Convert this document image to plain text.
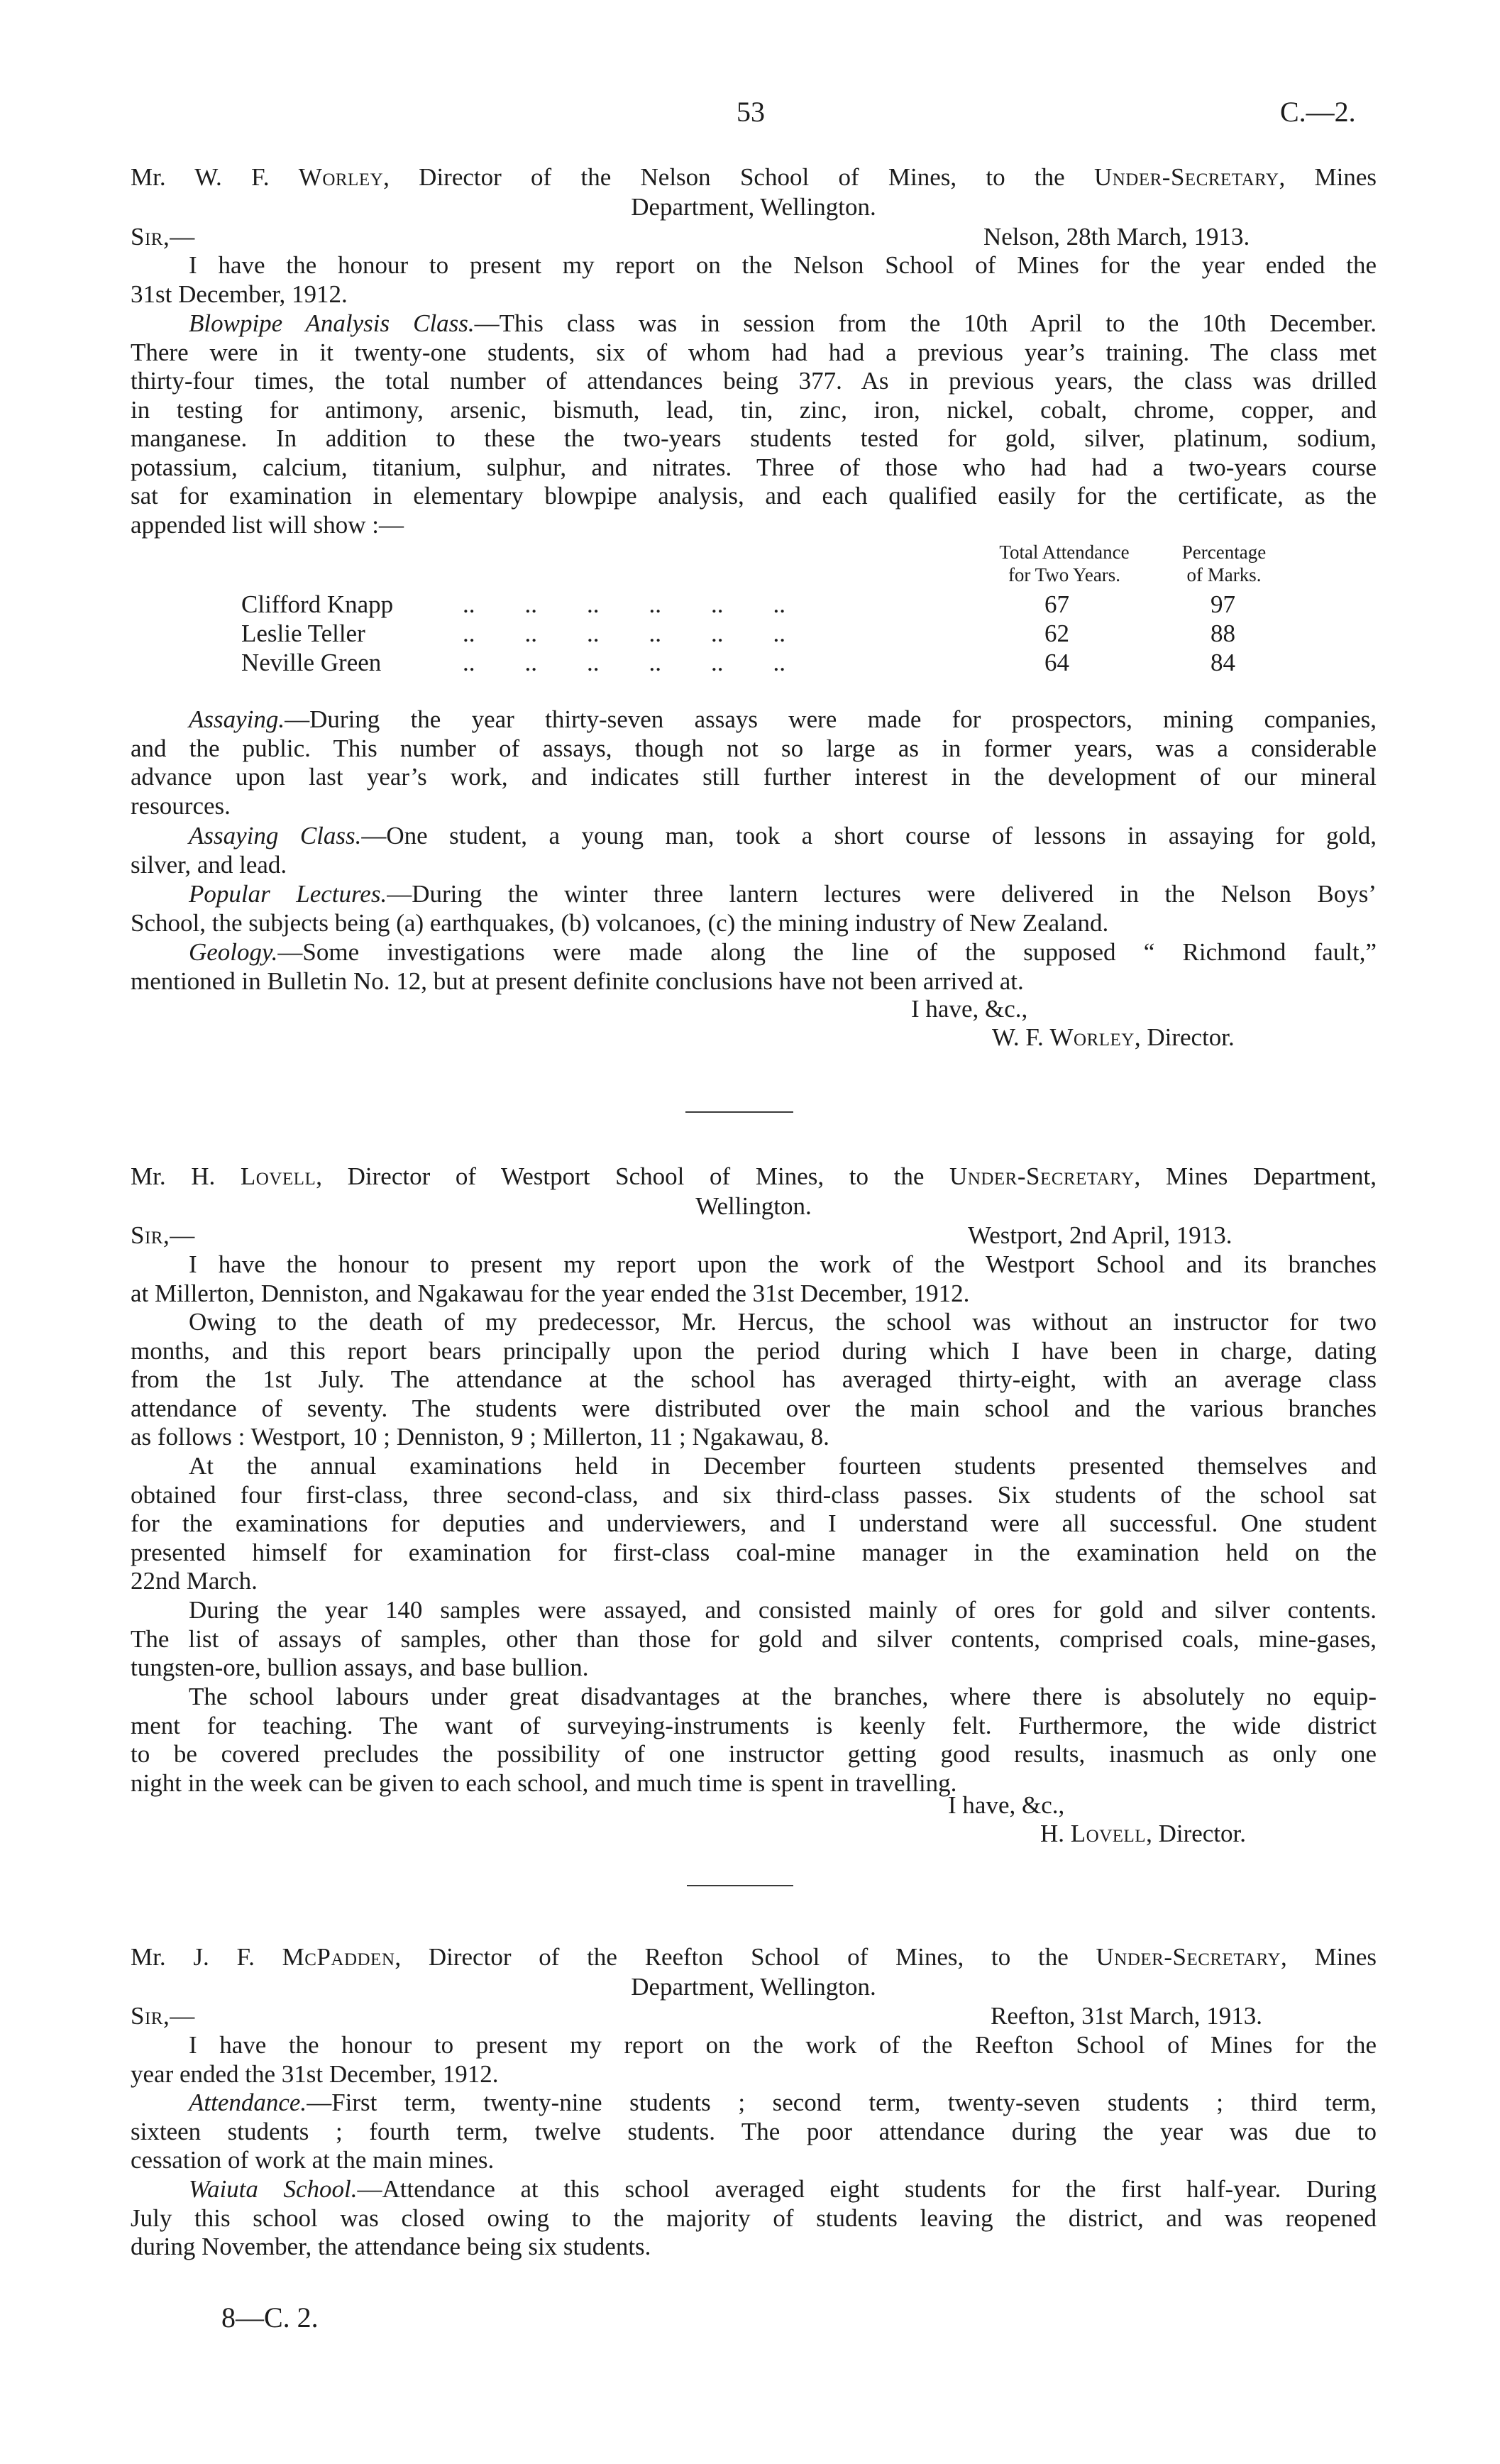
53	C.—2.
Mr. W. F. Worley, Director of the Nelson School of Mines, to the Under-Secretary, Mines
Department, Wellington.
Sir,—	Nelson, 28th March, 1913.
I have the honour to present my report on the Nelson School of Mines for the year ended the
31st December, 1912.
Blowpipe Analysis Class.—This class was in session from the 10th April to the 10th December.
There were in it twenty-one students, six of whom had had a previous year’s training. The class met
thirty-four times, the total number of attendances being 377. As in previous years, the class was drilled
in testing for antimony, arsenic, bismuth, lead, tin, zinc, iron, nickel, cobalt, chrome, copper, and
manganese. In addition to these the two-years students tested for gold, silver, platinum, sodium,
potassium, calcium, titanium, sulphur, and nitrates. Three of those who had had a two-years course
sat for examination in elementary blowpipe analysis, and each qualified easily for the certificate, as the
appended list will show :—
Total Attendance
for Two Years.
Percentage
of Marks.
Clifford Knapp	..        ..        ..        ..        ..        ..	67	97
Leslie Teller	..        ..        ..        ..        ..        ..	62	88
Neville Green	..        ..        ..        ..        ..        ..	64	84
Assaying.—During the year thirty-seven assays were made for prospectors, mining companies,
and the public. This number of assays, though not so large as in former years, was a considerable
advance upon last year’s work, and indicates still further interest in the development of our mineral
resources.
Assaying Class.—One student, a young man, took a short course of lessons in assaying for gold,
silver, and lead.
Popular Lectures.—During the winter three lantern lectures were delivered in the Nelson Boys’
School, the subjects being (a) earthquakes, (b) volcanoes, (c) the mining industry of New Zealand.
Geology.—Some investigations were made along the line of the supposed “ Richmond fault,”
mentioned in Bulletin No. 12, but at present definite conclusions have not been arrived at.
I have, &c.,
W. F. Worley, Director.
Mr. H. Lovell, Director of Westport School of Mines, to the Under-Secretary, Mines Department,
Wellington.
Sir,—	Westport, 2nd April, 1913.
I have the honour to present my report upon the work of the Westport School and its branches
at Millerton, Denniston, and Ngakawau for the year ended the 31st December, 1912.
Owing to the death of my predecessor, Mr. Hercus, the school was without an instructor for two
months, and this report bears principally upon the period during which I have been in charge, dating
from the 1st July. The attendance at the school has averaged thirty-eight, with an average class
attendance of seventy. The students were distributed over the main school and the various branches
as follows : Westport, 10 ; Denniston, 9 ; Millerton, 11 ; Ngakawau, 8.
At the annual examinations held in December fourteen students presented themselves and
obtained four first-class, three second-class, and six third-class passes. Six students of the school sat
for the examinations for deputies and underviewers, and I understand were all successful. One student
presented himself for examination for first-class coal-mine manager in the examination held on the
22nd March.
During the year 140 samples were assayed, and consisted mainly of ores for gold and silver contents.
The list of assays of samples, other than those for gold and silver contents, comprised coals, mine-gases,
tungsten-ore, bullion assays, and base bullion.
The school labours under great disadvantages at the branches, where there is absolutely no equip-
ment for teaching. The want of surveying-instruments is keenly felt. Furthermore, the wide district
to be covered precludes the possibility of one instructor getting good results, inasmuch as only one
night in the week can be given to each school, and much time is spent in travelling.
I have, &c.,
H. Lovell, Director.
Mr. J. F. McPadden, Director of the Reefton School of Mines, to the Under-Secretary, Mines
Department, Wellington.
Sir,—	Reefton, 31st March, 1913.
I have the honour to present my report on the work of the Reefton School of Mines for the
year ended the 31st December, 1912.
Attendance.—First term, twenty-nine students ; second term, twenty-seven students ; third term,
sixteen students ; fourth term, twelve students. The poor attendance during the year was due to
cessation of work at the main mines.
Waiuta School.—Attendance at this school averaged eight students for the first half-year. During
July this school was closed owing to the majority of students leaving the district, and was reopened
during November, the attendance being six students.
8—C. 2.
